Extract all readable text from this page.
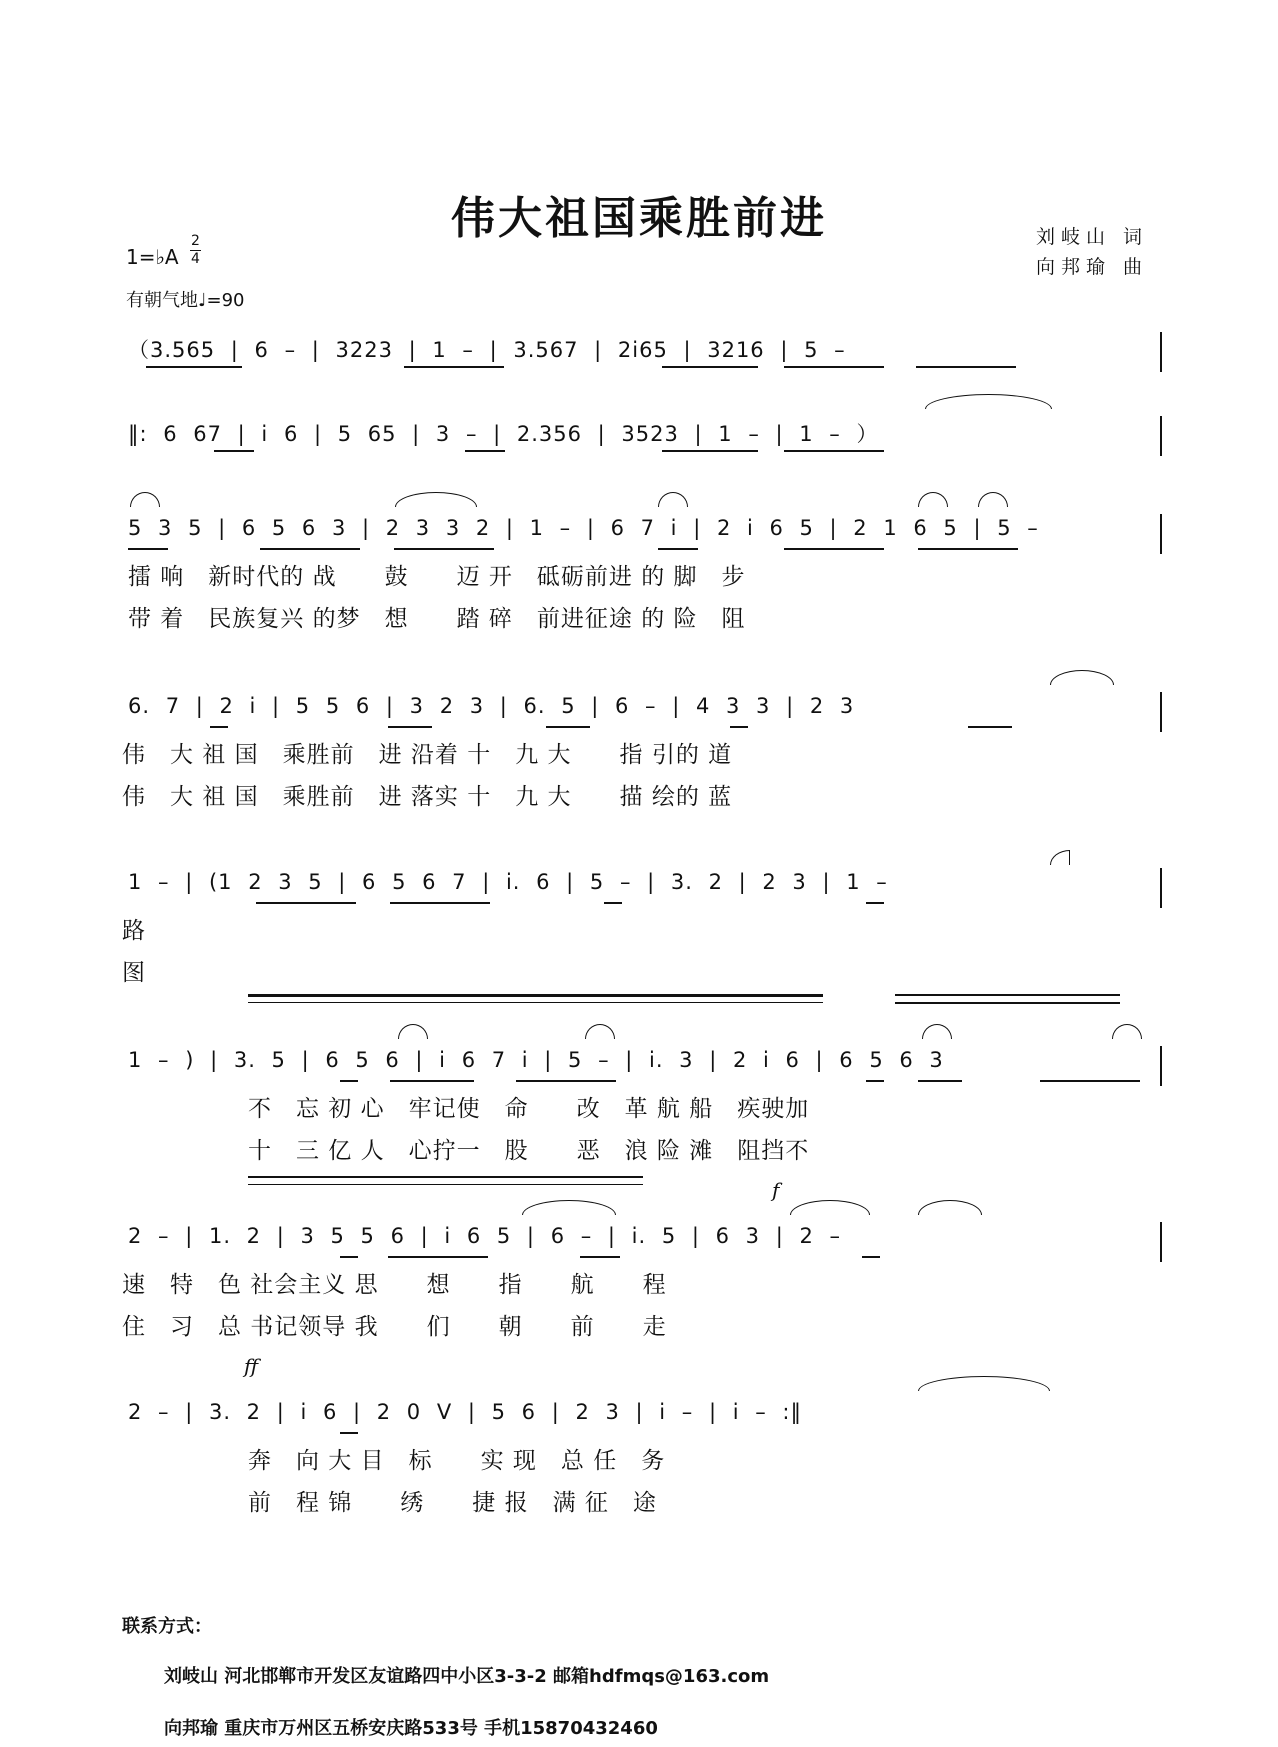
伟大祖国乘胜前进	刘岐山 词
向邦瑜 曲
1=♭A
2
4
有朝气地♩=90
（3.565 | 6 – | 3223 | 1 – | 3.567 | 2i65 | 3216 | 5 –
‖: 6 67 | i 6 | 5 65 | 3 – | 2.356 | 3523 | 1 – | 1 – ）
5 3 5 | 6 5 6 3 | 2 3 3 2 | 1 – | 6 7 i | 2 i 6 5 | 2 1 6 5 | 5 –
擂 响　新时代的 战　　鼓　　迈 开　砥砺前进 的 脚　步
带 着　民族复兴 的梦　想　　踏 碎　前进征途 的 险　阻
6. 7 | 2 i | 5 5 6 | 3 2 3 | 6. 5 | 6 – | 4 3 3 | 2 3
伟　大 祖 国　乘胜前　进 沿着 十　九 大　　指 引的 道
伟　大 祖 国　乘胜前　进 落实 十　九 大　　描 绘的 蓝
1 – | (1 2 3 5 | 6 5 6 7 | i. 6 | 5 – | 3. 2 | 2 3 | 1 –
路
图
1 – ) | 3. 5 | 6 5 6 | i 6 7 i | 5 – | i. 3 | 2 i 6 | 6 5 6 3
不　忘 初 心　牢记使　命　　改　革 航 船　疾驶加
十　三 亿 人　心拧一　股　　恶　浪 险 滩　阻挡不
f
2 – | 1. 2 | 3 5 5 6 | i 6 5 | 6 – | i. 5 | 6 3 | 2 –
速　特　色 社会主义 思　　想　　指　　航　　程
住　习　总 书记领导 我　　们　　朝　　前　　走
ff
2 – | 3. 2 | i 6 | 2 0 V | 5 6 | 2 3 | i – | i – :‖
奔　向 大 目　标　　实 现　总 任　务
前　程 锦　　绣　　捷 报　满 征　途
联系方式：
刘岐山 河北邯郸市开发区友谊路四中小区3-3-2 邮箱hdfmqs@163.com
向邦瑜 重庆市万州区五桥安庆路533号 手机15870432460
